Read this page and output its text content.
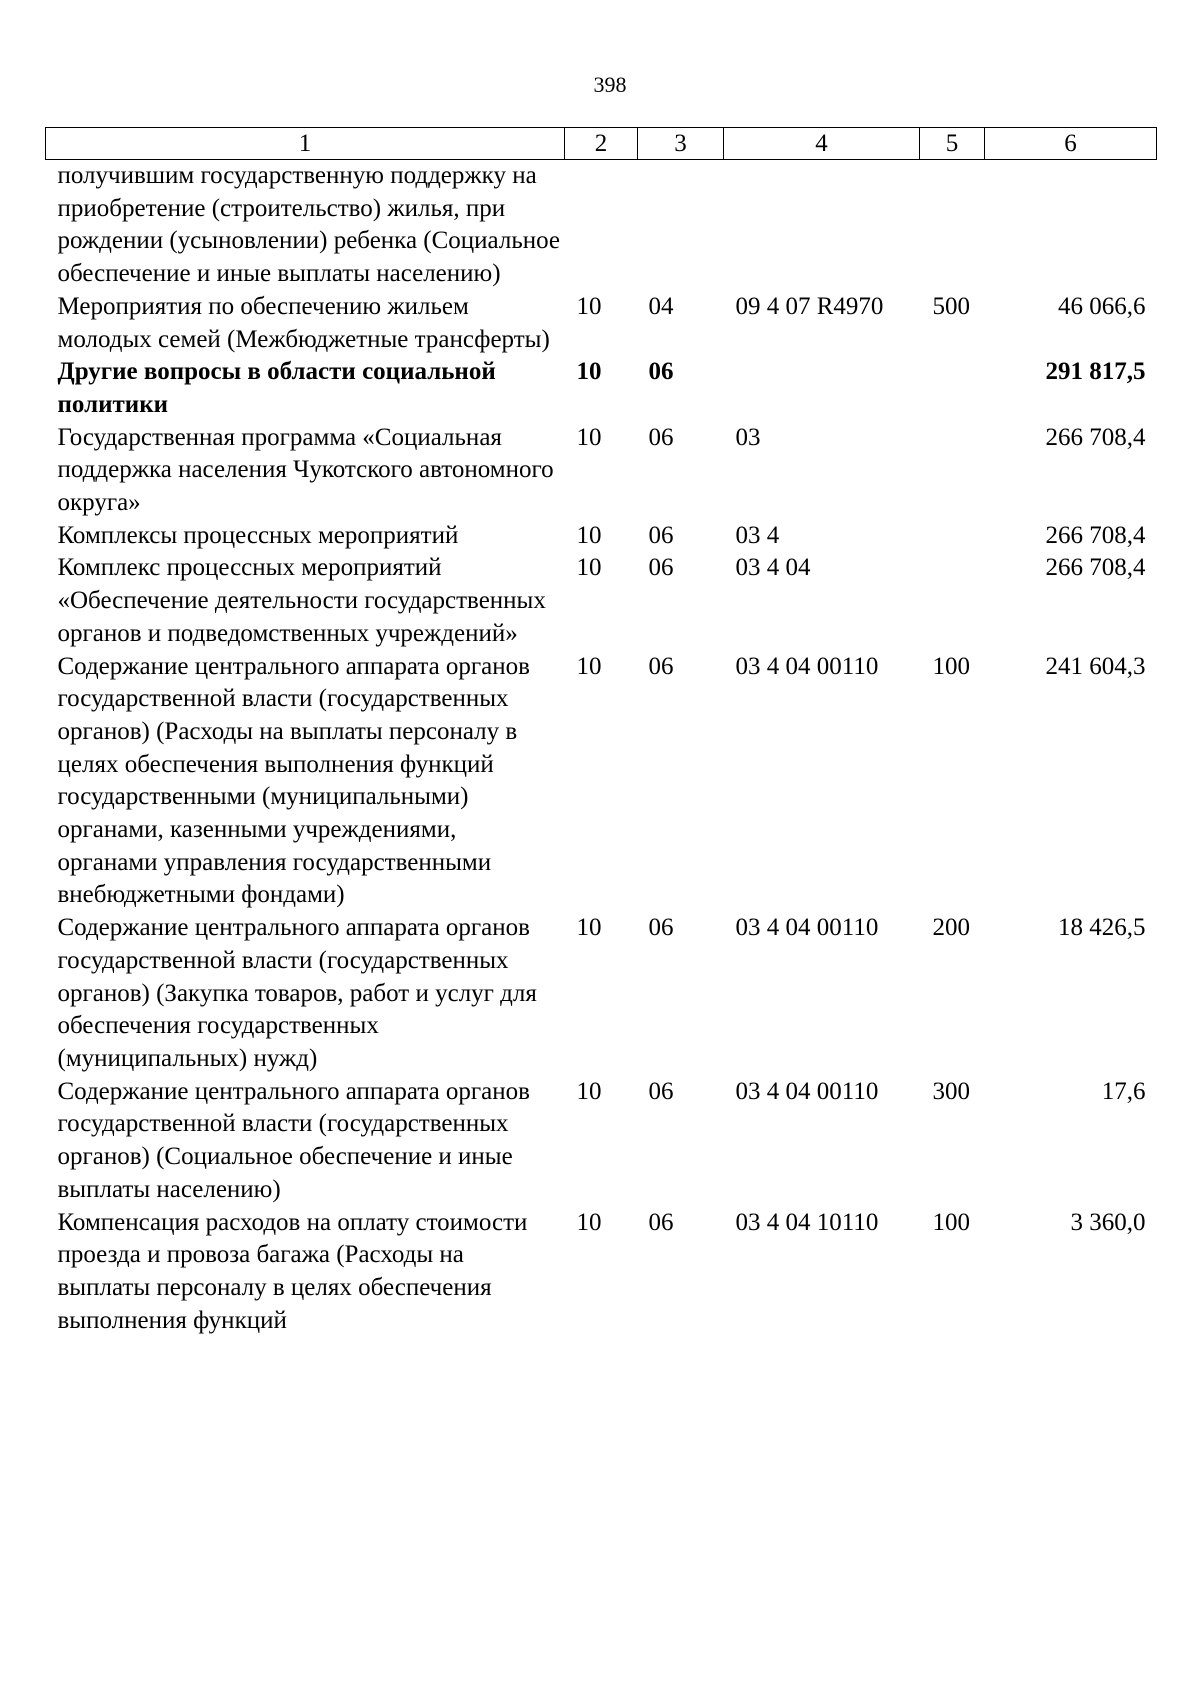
398
1	2	3	4	5	6
получившим государственную поддержку на приобретение (строительство) жилья, при рождении (усыновлении) ребенка (Социальное обеспечение и иные выплаты населению)					
Мероприятия по обеспечению жильем молодых семей (Межбюджетные трансферты)	10	04	09 4 07 R4970	500	46 066,6
Другие вопросы в области социальной политики	10	06			291 817,5
Государственная программа «Социальная поддержка населения Чукотского автономного округа»	10	06	03		266 708,4
Комплексы процессных мероприятий	10	06	03 4		266 708,4
Комплекс процессных мероприятий «Обеспечение деятельности государственных органов и подведомственных учреждений»	10	06	03 4 04		266 708,4
Содержание центрального аппарата органов государственной власти (государственных органов) (Расходы на выплаты персоналу в целях обеспечения выполнения функций государственными (муниципальными) органами, казенными учреждениями, органами управления государственными внебюджетными фондами)	10	06	03 4 04 00110	100	241 604,3
Содержание центрального аппарата органов государственной власти (государственных органов) (Закупка товаров, работ и услуг для обеспечения государственных (муниципальных) нужд)	10	06	03 4 04 00110	200	18 426,5
Содержание центрального аппарата органов государственной власти (государственных органов) (Социальное обеспечение и иные выплаты населению)	10	06	03 4 04 00110	300	17,6
Компенсация расходов на оплату стоимости проезда и провоза багажа (Расходы на выплаты персоналу в целях обеспечения выполнения функций	10	06	03 4 04 10110	100	3 360,0
